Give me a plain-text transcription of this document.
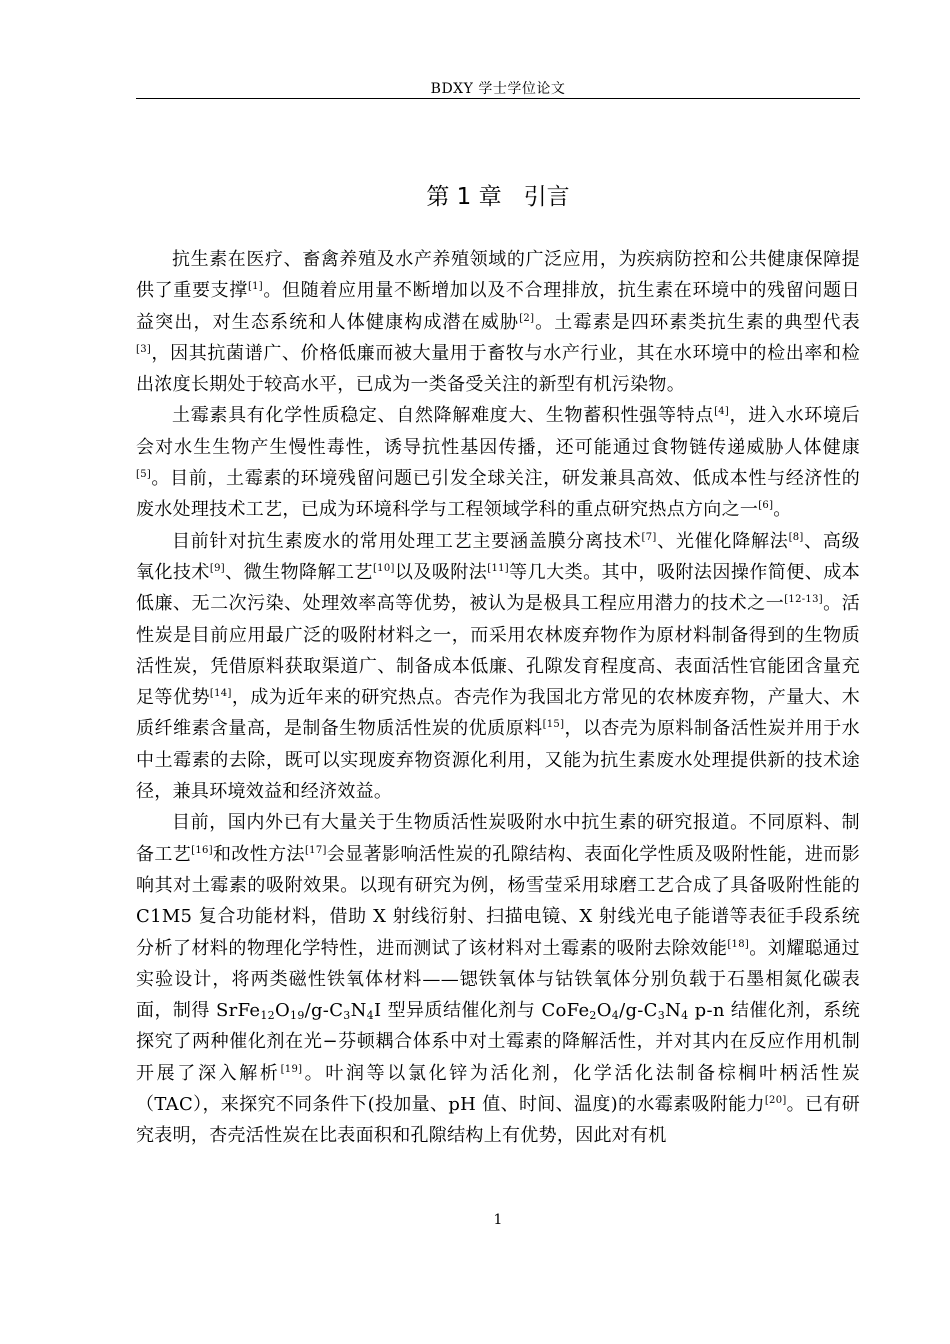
BDXY 学士学位论文
第 1 章 引言

抗生素在医疗、畜禽养殖及水产养殖领域的广泛应用，为疾病防控和公共健康保障提供了重要支撑[1]。但随着应用量不断增加以及不合理排放，抗生素在环境中的残留问题日益突出，对生态系统和人体健康构成潜在威胁[2]。土霉素是四环素类抗生素的典型代表[3]，因其抗菌谱广、价格低廉而被大量用于畜牧与水产行业，其在水环境中的检出率和检出浓度长期处于较高水平，已成为一类备受关注的新型有机污染物。

土霉素具有化学性质稳定、自然降解难度大、生物蓄积性强等特点[4]，进入水环境后会对水生生物产生慢性毒性，诱导抗性基因传播，还可能通过食物链传递威胁人体健康[5]。目前，土霉素的环境残留问题已引发全球关注，研发兼具高效、低成本性与经济性的废水处理技术工艺，已成为环境科学与工程领域学科的重点研究热点方向之一[6]。

目前针对抗生素废水的常用处理工艺主要涵盖膜分离技术[7]、光催化降解法[8]、高级氧化技术[9]、微生物降解工艺[10]以及吸附法[11]等几大类。其中，吸附法因操作简便、成本低廉、无二次污染、处理效率高等优势，被认为是极具工程应用潜力的技术之一[12-13]。活性炭是目前应用最广泛的吸附材料之一，而采用农林废弃物作为原材料制备得到的生物质活性炭，凭借原料获取渠道广、制备成本低廉、孔隙发育程度高、表面活性官能团含量充足等优势[14]，成为近年来的研究热点。杏壳作为我国北方常见的农林废弃物，产量大、木质纤维素含量高，是制备生物质活性炭的优质原料[15]，以杏壳为原料制备活性炭并用于水中土霉素的去除，既可以实现废弃物资源化利用，又能为抗生素废水处理提供新的技术途径，兼具环境效益和经济效益。

目前，国内外已有大量关于生物质活性炭吸附水中抗生素的研究报道。不同原料、制备工艺[16]和改性方法[17]会显著影响活性炭的孔隙结构、表面化学性质及吸附性能，进而影响其对土霉素的吸附效果。以现有研究为例，杨雪莹采用球磨工艺合成了具备吸附性能的 C1M5 复合功能材料，借助 X 射线衍射、扫描电镜、X 射线光电子能谱等表征手段系统分析了材料的物理化学特性，进而测试了该材料对土霉素的吸附去除效能[18]。刘耀聪通过实验设计，将两类磁性铁氧体材料——锶铁氧体与钴铁氧体分别负载于石墨相氮化碳表面，制得 $SrFe_{12}O_{19}/g-C_3N_4I$ 型异质结催化剂与 $CoFe_2O_4/g-C_3N_4$ p-n 结催化剂，系统探究了两种催化剂在光−芬顿耦合体系中对土霉素的降解活性，并对其内在反应作用机制开展了深入解析[19]。叶润等以氯化锌为活化剂，化学活化法制备棕榈叶柄活性炭（TAC），来探究不同条件下(投加量、pH 值、时间、温度)的水霉素吸附能力[20]。已有研究表明，杏壳活性炭在比表面积和孔隙结构上有优势，因此对有机

1
